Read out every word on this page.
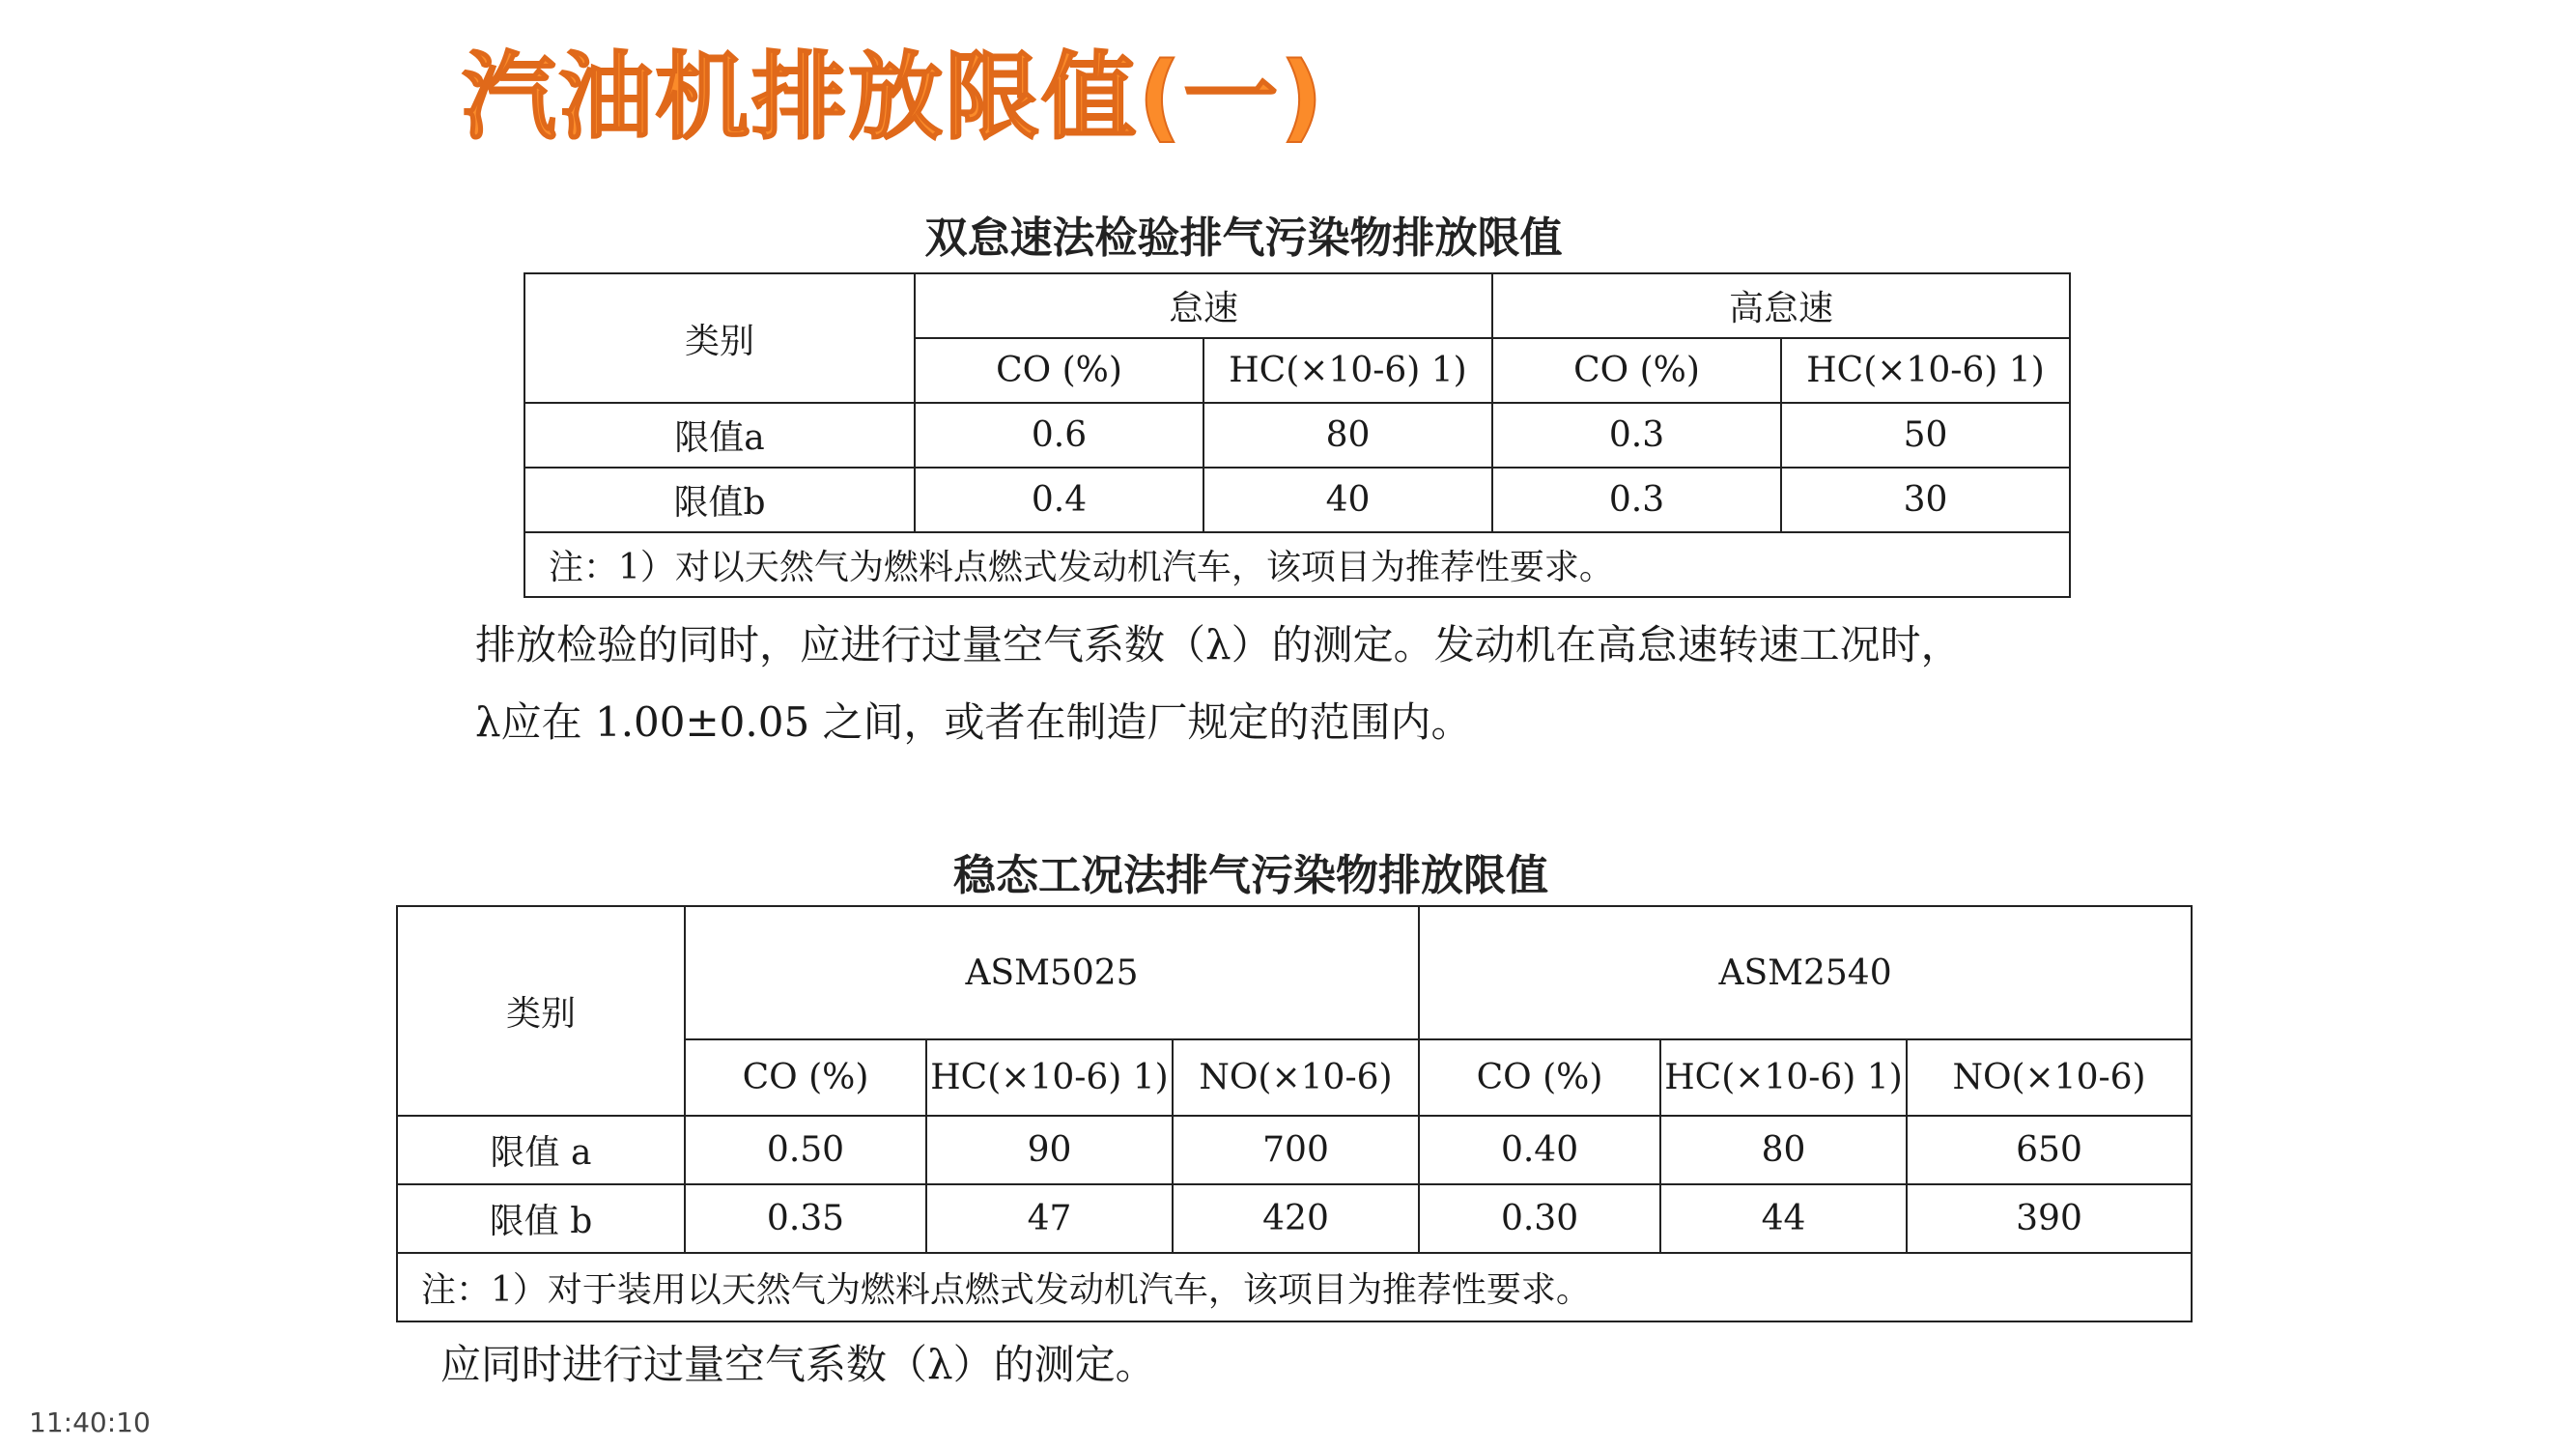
汽油机排放限值(一)
双怠速法检验排气污染物排放限值
类别	怠速		高怠速	
	CO (%)	HC(×10-6) 1)	CO (%)	HC(×10-6) 1)
限值a	0.6	80	0.3	50
限值b	0.4	40	0.3	30
注：1）对以天然气为燃料点燃式发动机汽车，该项目为推荐性要求。				
排放检验的同时，应进行过量空气系数（λ）的测定。发动机在高怠速转速工况时，
λ应在 1.00±0.05 之间，或者在制造厂规定的范围内。
稳态工况法排气污染物排放限值
类别	ASM5025			ASM2540		
	CO (%)	HC(×10-6) 1)	NO(×10-6)	CO (%)	HC(×10-6) 1)	NO(×10-6)
限值 a	0.50	90	700	0.40	80	650
限值 b	0.35	47	420	0.30	44	390
注：1）对于装用以天然气为燃料点燃式发动机汽车，该项目为推荐性要求。						
应同时进行过量空气系数（λ）的测定。
11:40:10
